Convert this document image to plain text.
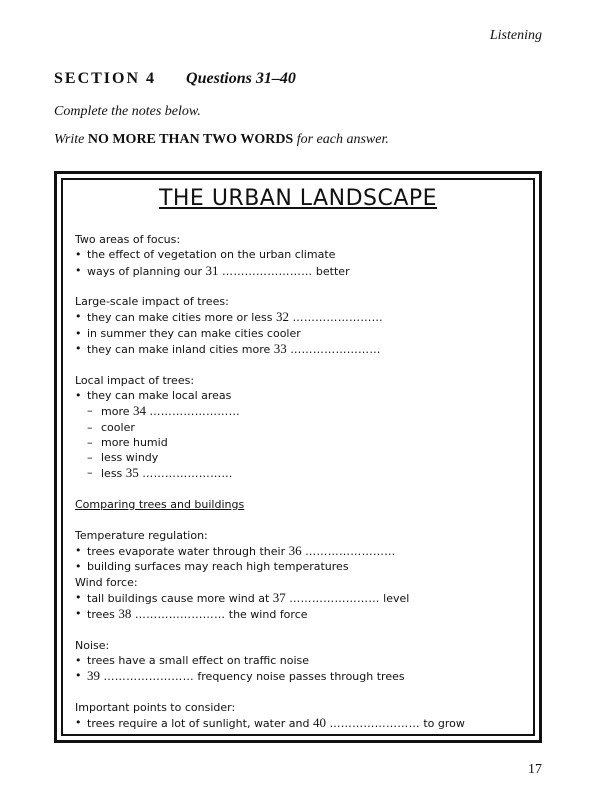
Listening
SECTION 4 Questions 31–40
Complete the notes below.
Write NO MORE THAN TWO WORDS for each answer.
THE URBAN LANDSCAPE
Two areas of focus:
• the effect of vegetation on the urban climate
• ways of planning our 31 …………………… better
Large-scale impact of trees:
• they can make cities more or less 32 ……………………
• in summer they can make cities cooler
• they can make inland cities more 33 ……………………
Local impact of trees:
• they can make local areas
– more 34 ……………………
– cooler
– more humid
– less windy
– less 35 ……………………
Comparing trees and buildings
Temperature regulation:
• trees evaporate water through their 36 ……………………
• building surfaces may reach high temperatures
Wind force:
• tall buildings cause more wind at 37 …………………… level
• trees 38 …………………… the wind force
Noise:
• trees have a small effect on traffic noise
• 39 …………………… frequency noise passes through trees
Important points to consider:
• trees require a lot of sunlight, water and 40 …………………… to grow
17
